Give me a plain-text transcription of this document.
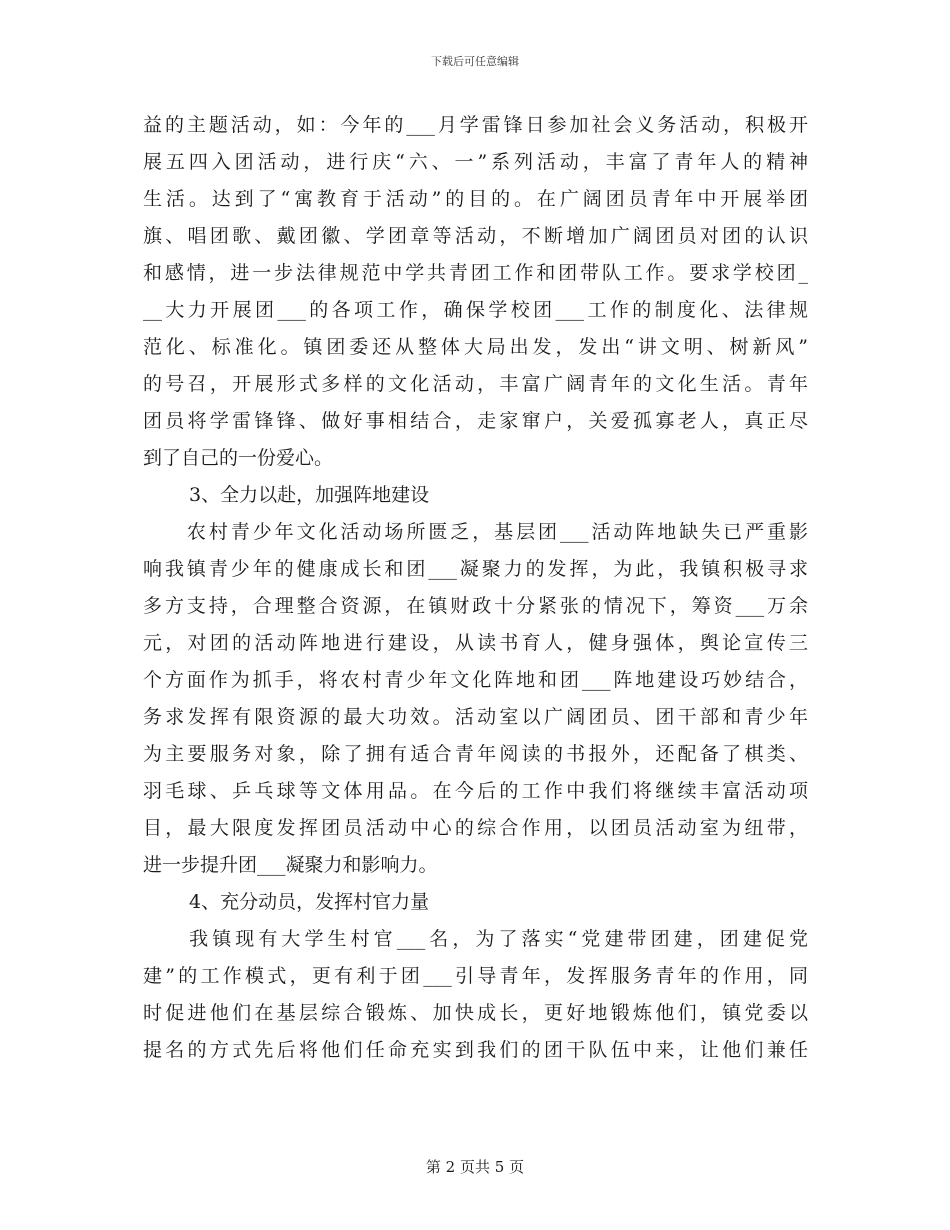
下载后可任意编辑
益的主题活动，如：今年的___月学雷锋日参加社会义务活动，积极开
展五四入团活动，进行庆“六、一”系列活动，丰富了青年人的精神
生活。达到了“寓教育于活动”的目的。在广阔团员青年中开展举团
旗、唱团歌、戴团徽、学团章等活动，不断增加广阔团员对团的认识
和感情，进一步法律规范中学共青团工作和团带队工作。要求学校团_
__大力开展团___的各项工作，确保学校团___工作的制度化、法律规
范化、标准化。镇团委还从整体大局出发，发出“讲文明、树新风”
的号召，开展形式多样的文化活动，丰富广阔青年的文化生活。青年
团员将学雷锋锋、做好事相结合，走家窜户，关爱孤寡老人，真正尽
到了自己的一份爱心。
3、全力以赴，加强阵地建设
　　农村青少年文化活动场所匮乏，基层团___活动阵地缺失已严重影
响我镇青少年的健康成长和团___凝聚力的发挥，为此，我镇积极寻求
多方支持，合理整合资源，在镇财政十分紧张的情况下，筹资___万余
元，对团的活动阵地进行建设，从读书育人，健身强体，舆论宣传三
个方面作为抓手，将农村青少年文化阵地和团___阵地建设巧妙结合，
务求发挥有限资源的最大功效。活动室以广阔团员、团干部和青少年
为主要服务对象，除了拥有适合青年阅读的书报外，还配备了棋类、
羽毛球、乒乓球等文体用品。在今后的工作中我们将继续丰富活动项
目，最大限度发挥团员活动中心的综合作用，以团员活动室为纽带，
进一步提升团___凝聚力和影响力。
4、充分动员，发挥村官力量
　　我镇现有大学生村官___名，为了落实“党建带团建，团建促党
建”的工作模式，更有利于团___引导青年，发挥服务青年的作用，同
时促进他们在基层综合锻炼、加快成长，更好地锻炼他们，镇党委以
提名的方式先后将他们任命充实到我们的团干队伍中来，让他们兼任
第 2 页共 5 页
